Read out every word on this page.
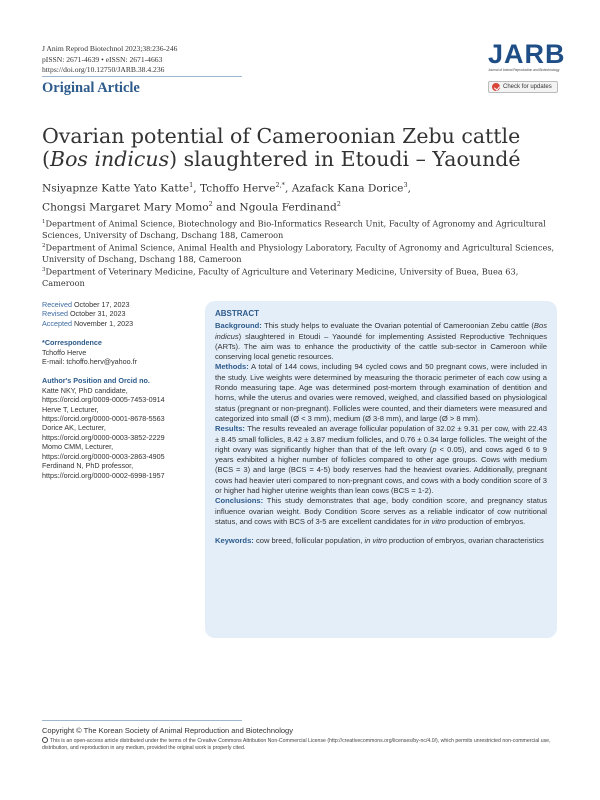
J Anim Reprod Biotechnol 2023;38:236-246
pISSN: 2671-4639 • eISSN: 2671-4663
https://doi.org/10.12750/JARB.38.4.236
Original Article
JARB
Journal of Animal Reproduction and Biotechnology
Check for updates
Ovarian potential of Cameroonian Zebu cattle
(Bos indicus) slaughtered in Etoudi – Yaoundé
Nsiyapnze Katte Yato Katte$^1$, Tchoffo Herve$^{2,*}$, Azafack Kana Dorice$^3$,
Chongsi Margaret Mary Momo$^2$ and Ngoula Ferdinand$^2$
$^1$Department of Animal Science, Biotechnology and Bio-Informatics Research Unit, Faculty of Agronomy and Agricultural Sciences, University of Dschang, Dschang 188, Cameroon
$^2$Department of Animal Science, Animal Health and Physiology Laboratory, Faculty of Agronomy and Agricultural Sciences, University of Dschang, Dschang 188, Cameroon
$^3$Department of Veterinary Medicine, Faculty of Agriculture and Veterinary Medicine, University of Buea, Buea 63, Cameroon
Received October 17, 2023
Revised October 31, 2023
Accepted November 1, 2023
*Correspondence
Tchoffo Herve
E-mail: tchoffo.herv@yahoo.fr
Author's Position and Orcid no.
Katte NKY, PhD candidate,
https://orcid.org/0009-0005-7453-0914
Herve T, Lecturer,
https://orcid.org/0000-0001-8678-5563
Dorice AK, Lecturer,
https://orcid.org/0000-0003-3852-2229
Momo CMM, Lecturer,
https://orcid.org/0000-0003-2863-4905
Ferdinand N, PhD professor,
https://orcid.org/0000-0002-6998-1957
ABSTRACT

Background: This study helps to evaluate the Ovarian potential of Cameroonian Zebu cattle (Bos indicus) slaughtered in Etoudi – Yaoundé for implementing Assisted Reproductive Techniques (ARTs). The aim was to enhance the productivity of the cattle sub-sector in Cameroon while conserving local genetic resources.

Methods: A total of 144 cows, including 94 cycled cows and 50 pregnant cows, were included in the study. Live weights were determined by measuring the thoracic perimeter of each cow using a Rondo measuring tape. Age was determined post-mortem through examination of dentition and horns, while the uterus and ovaries were removed, weighed, and classified based on physiological status (pregnant or non-pregnant). Follicles were counted, and their diameters were measured and categorized into small (Ø < 3 mm), medium (Ø 3-8 mm), and large (Ø > 8 mm).

Results: The results revealed an average follicular population of 32.02 ± 9.31 per cow, with 22.43 ± 8.45 small follicles, 8.42 ± 3.87 medium follicles, and 0.76 ± 0.34 large follicles. The weight of the right ovary was significantly higher than that of the left ovary (p < 0.05), and cows aged 6 to 9 years exhibited a higher number of follicles compared to other age groups. Cows with medium (BCS = 3) and large (BCS = 4-5) body reserves had the heaviest ovaries. Additionally, pregnant cows had heavier uteri compared to non-pregnant cows, and cows with a body condition score of 3 or higher had higher uterine weights than lean cows (BCS = 1-2).

Conclusions: This study demonstrates that age, body condition score, and pregnancy status influence ovarian weight. Body Condition Score serves as a reliable indicator of cow nutritional status, and cows with BCS of 3-5 are excellent candidates for in vitro production of embryos.

Keywords: cow breed, follicular population, in vitro production of embryos, ovarian characteristics

Copyright © The Korean Society of Animal Reproduction and Biotechnology
This is an open-access article distributed under the terms of the Creative Commons Attribution Non-Commercial License (http://creativecommons.org/licenses/by-nc/4.0/), which permits unrestricted non-commercial use, distribution, and reproduction in any medium, provided the original work is properly cited.
